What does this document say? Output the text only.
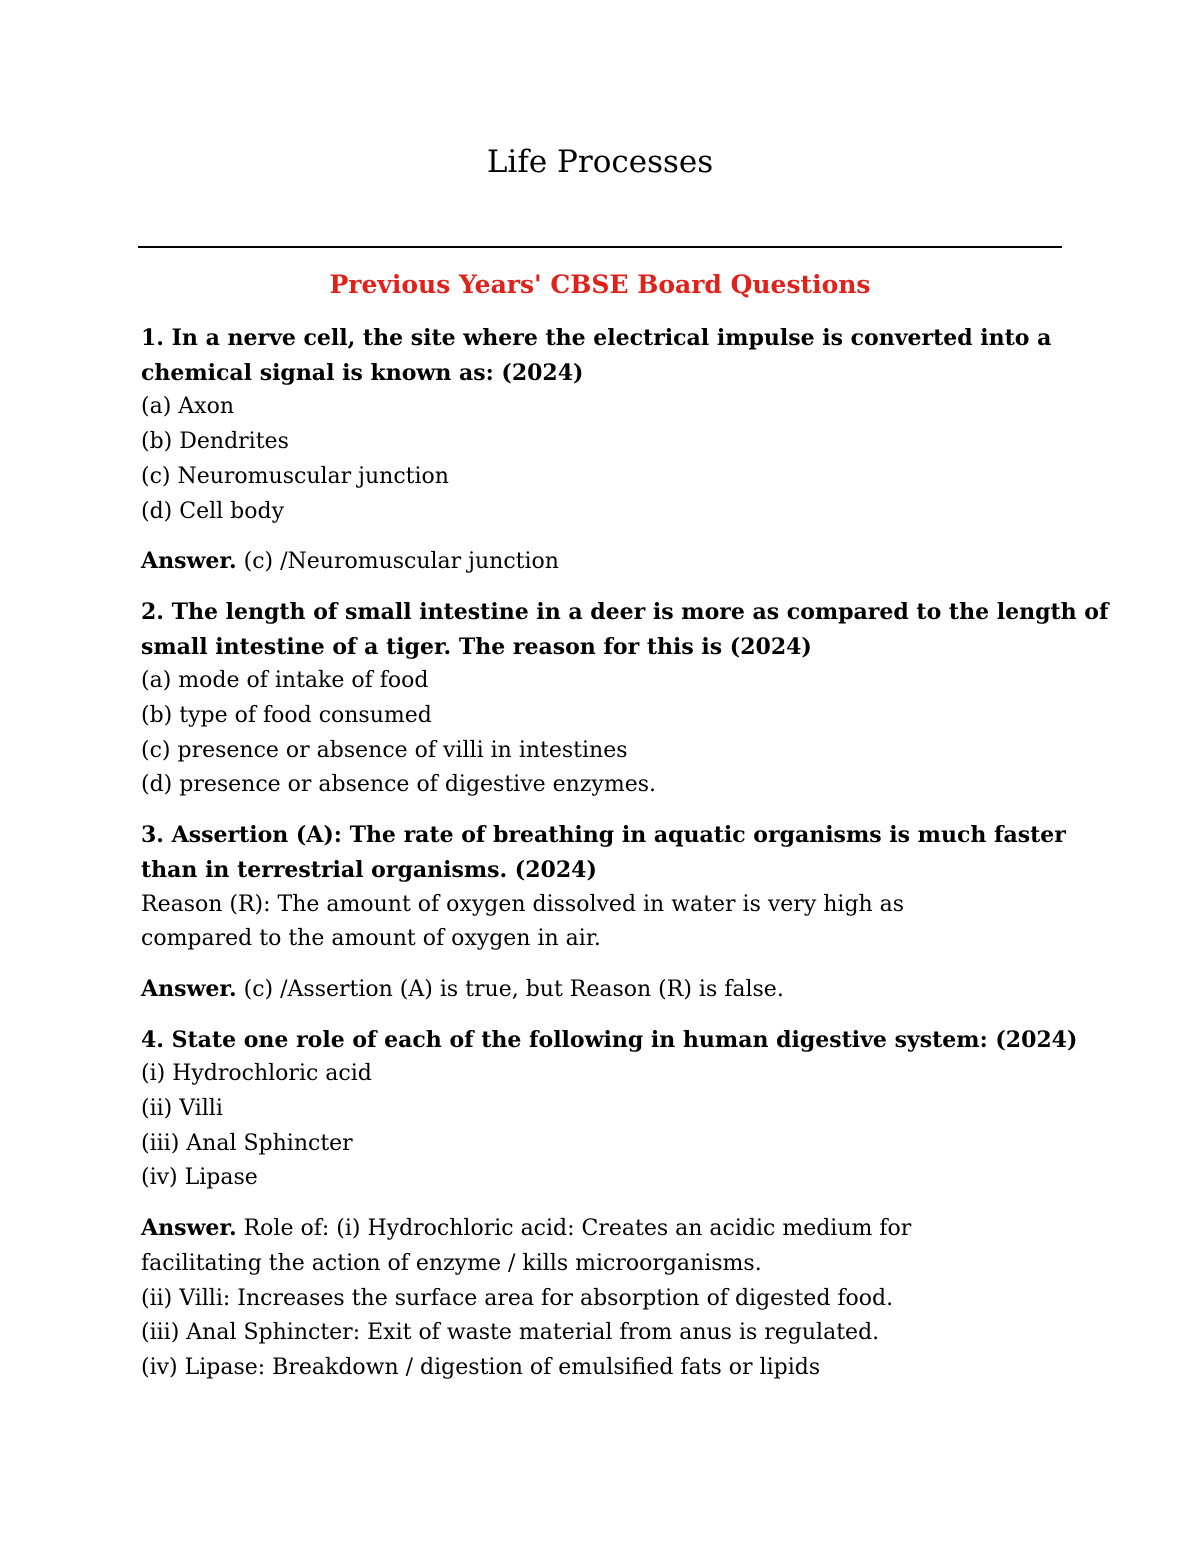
Life Processes
Previous Years' CBSE Board Questions
1. In a nerve cell, the site where the electrical impulse is converted into a
chemical signal is known as: (2024)
(a) Axon
(b) Dendrites
(c) Neuromuscular junction
(d) Cell body
Answer. (c) /Neuromuscular junction
2. The length of small intestine in a deer is more as compared to the length of
small intestine of a tiger. The reason for this is (2024)
(a) mode of intake of food
(b) type of food consumed
(c) presence or absence of villi in intestines
(d) presence or absence of digestive enzymes.
3. Assertion (A): The rate of breathing in aquatic organisms is much faster
than in terrestrial organisms. (2024)
Reason (R): The amount of oxygen dissolved in water is very high as
compared to the amount of oxygen in air.
Answer. (c) /Assertion (A) is true, but Reason (R) is false.
4. State one role of each of the following in human digestive system: (2024)
(i) Hydrochloric acid
(ii) Villi
(iii) Anal Sphincter
(iv) Lipase
Answer. Role of: (i) Hydrochloric acid: Creates an acidic medium for
facilitating the action of enzyme / kills microorganisms.
(ii) Villi: Increases the surface area for absorption of digested food.
(iii) Anal Sphincter: Exit of waste material from anus is regulated.
(iv) Lipase: Breakdown / digestion of emulsified fats or lipids
